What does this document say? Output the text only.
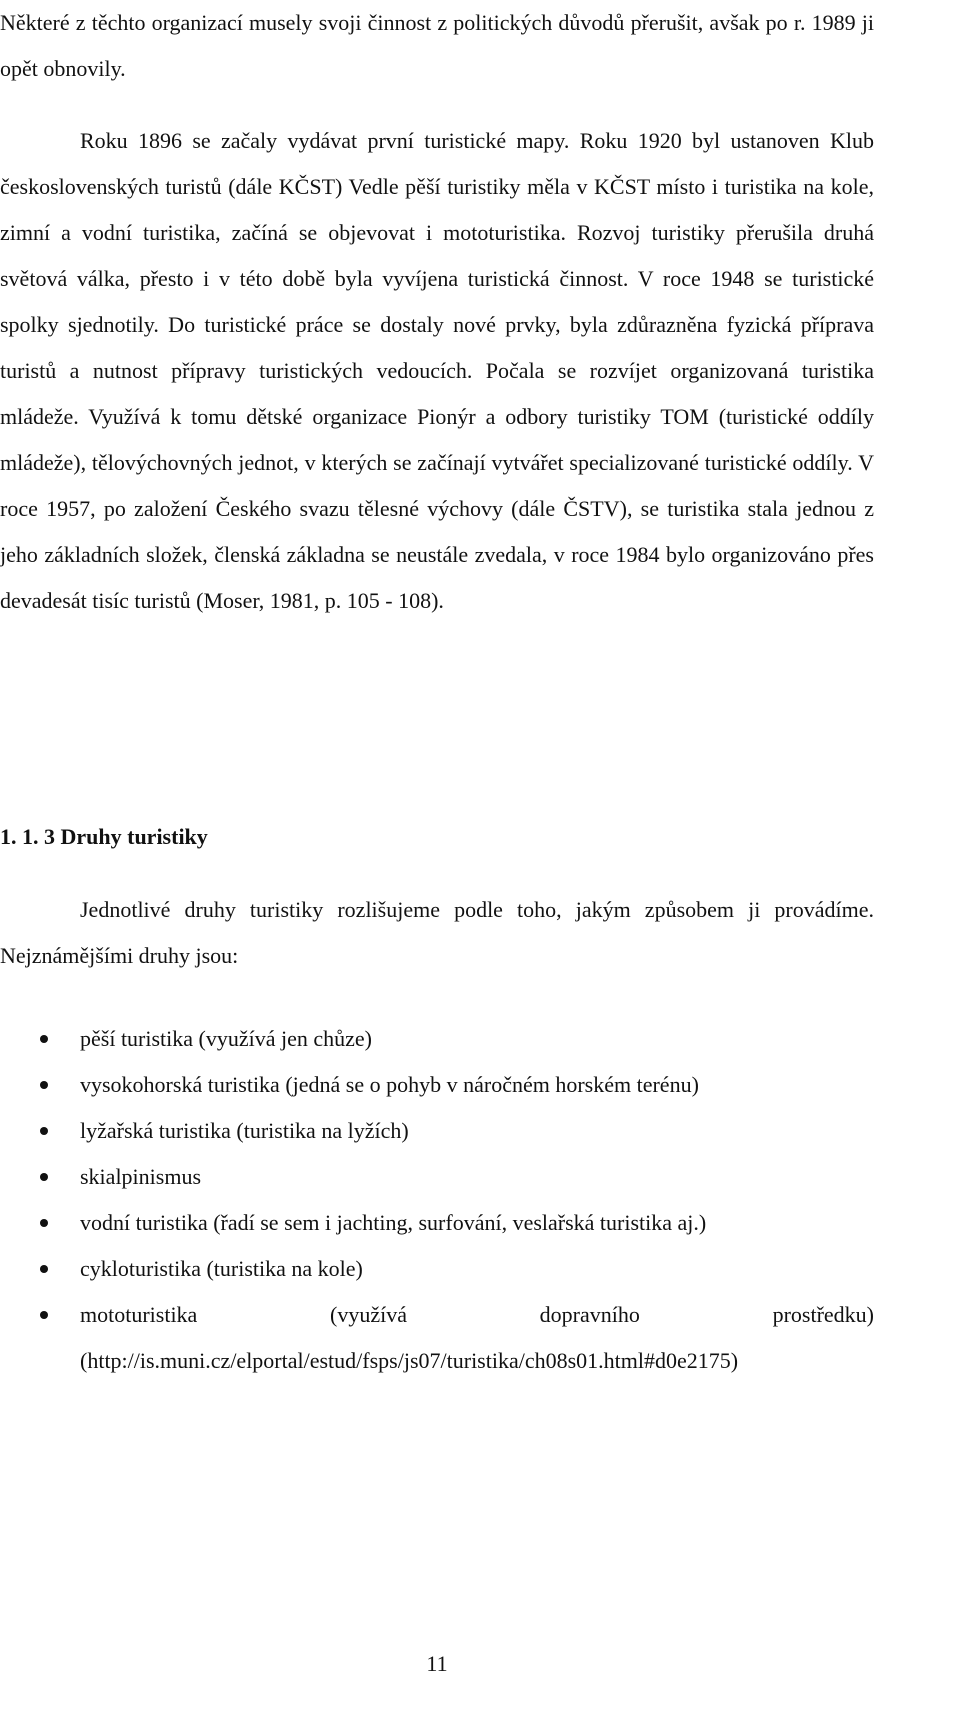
Některé z těchto organizací musely svoji činnost z politických důvodů přerušit, avšak po r. 1989 ji opět obnovily.

Roku 1896 se začaly vydávat první turistické mapy. Roku 1920 byl ustanoven Klub československých turistů (dále KČST) Vedle pěší turistiky měla v KČST místo i turistika na kole, zimní a vodní turistika, začíná se objevovat i mototuristika. Rozvoj turistiky přerušila druhá světová válka, přesto i v této době byla vyvíjena turistická činnost. V roce 1948 se turistické spolky sjednotily. Do turistické práce se dostaly nové prvky, byla zdůrazněna fyzická příprava turistů a nutnost přípravy turistických vedoucích. Počala se rozvíjet organizovaná turistika mládeže. Využívá k tomu dětské organizace Pionýr a odbory turistiky TOM (turistické oddíly mládeže), tělovýchovných jednot, v kterých se začínají vytvářet specializované turistické oddíly. V roce 1957, po založení Českého svazu tělesné výchovy (dále ČSTV), se turistika stala jednou z jeho základních složek, členská základna se neustále zvedala, v roce 1984 bylo organizováno přes devadesát tisíc turistů (Moser, 1981, p. 105 - 108).

1. 1. 3 Druhy turistiky

Jednotlivé druhy turistiky rozlišujeme podle toho, jakým způsobem ji provádíme. Nejznámějšími druhy jsou:

pěší turistika (využívá jen chůze)
vysokohorská turistika (jedná se o pohyb v náročném horském terénu)
lyžařská turistika (turistika na lyžích)
skialpinismus
vodní turistika (řadí se sem i jachting, surfování, veslařská turistika aj.)
cykloturistika (turistika na kole)
mototuristika (využívá dopravního prostředku)
(http://is.muni.cz/elportal/estud/fsps/js07/turistika/ch08s01.html#d0e2175)
11
